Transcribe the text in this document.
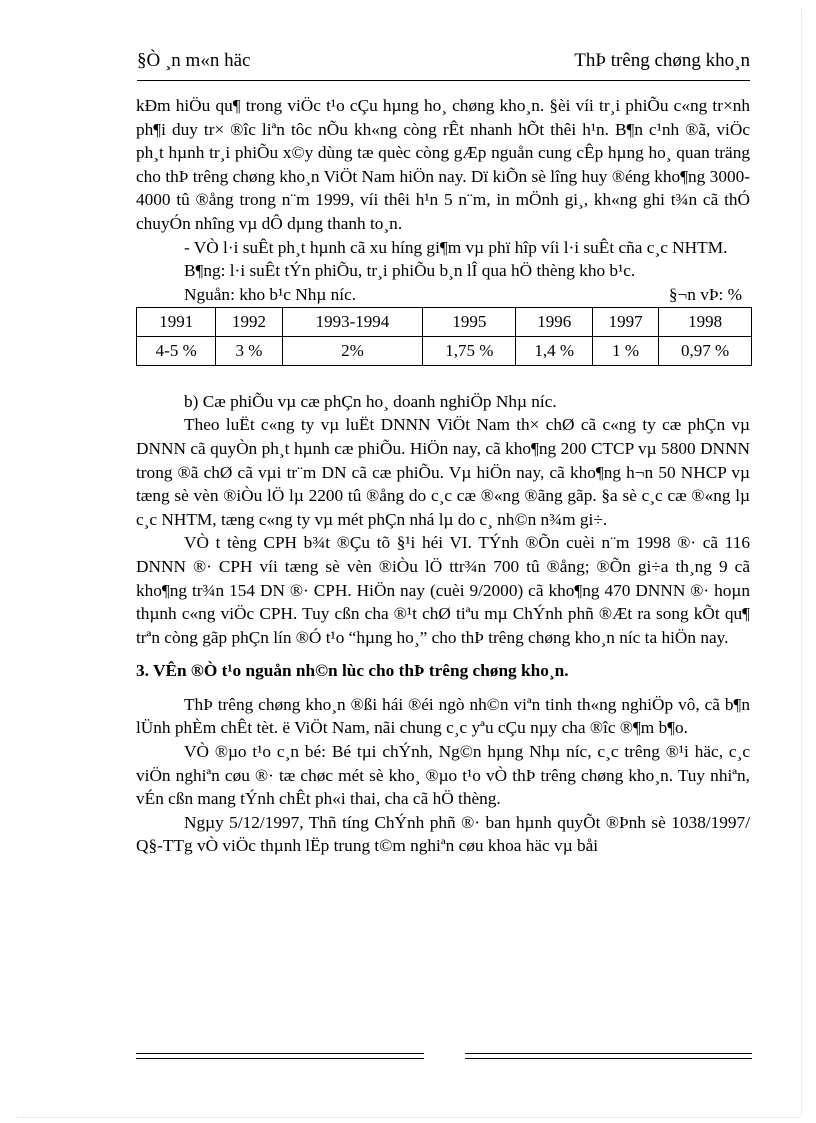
§Ò ¸n m«n häc	ThÞ trêng chøng kho¸n

kÐm hiÖu qu¶ trong viÖc t¹o cÇu hµng ho¸ chøng kho¸n. §èi víi tr¸i phiÕu c«ng tr×nh ph¶i duy tr× ®îc liªn tôc nÕu kh«ng còng rÊt nhanh hÕt thêi h¹n. B¶n c¹nh ®ã, viÖc ph¸t hµnh tr¸i phiÕu x©y dùng tæ quèc còng gÆp nguån cung cÊp hµng ho¸ quan träng cho thÞ trêng chøng kho¸n ViÖt Nam hiÖn nay. Dï kiÕn sè lîng huy ®éng kho¶ng 3000-4000 tû ®ång trong n¨m 1999, víi thêi h¹n 5 n¨m, in mÖnh gi¸, kh«ng ghi t¾n cã thÓ chuyÓn nhîng vµ dÔ dµng thanh to¸n.

- VÒ l·i suÊt ph¸t hµnh cã xu híng gi¶m vµ phï hîp víi l·i suÊt cña c¸c NHTM.

B¶ng: l·i suÊt tÝn phiÕu, tr¸i phiÕu b¸n lÎ qua hÖ thèng kho b¹c.

Nguån: kho b¹c Nhµ níc.	§¬n vÞ: %
1991	1992	1993-1994	1995	1996	1997	1998
4-5 %	3 %	2%	1,75 %	1,4 %	1 %	0,97 %

b) Cæ phiÕu vµ cæ phÇn ho¸ doanh nghiÖp Nhµ níc.

Theo luËt c«ng ty vµ luËt DNNN ViÖt Nam th× chØ cã c«ng ty cæ phÇn vµ DNNN cã quyÒn ph¸t hµnh cæ phiÕu. HiÖn nay, cã kho¶ng 200 CTCP vµ 5800 DNNN trong ®ã chØ cã vµi tr¨m DN cã cæ phiÕu. Vµ hiÖn nay, cã kho¶ng h¬n 50 NHCP vµ tæng sè vèn ®iÒu lÖ lµ 2200 tû ®ång do c¸c cæ ®«ng ®ãng gãp. §a sè c¸c cæ ®«ng lµ c¸c NHTM, tæng c«ng ty vµ mét phÇn nhá lµ do c¸ nh©n n¾m gi÷.

VÒ t tèng CPH b¾t ®Çu tõ §¹i héi VI. TÝnh ®Õn cuèi n¨m 1998 ®· cã 116 DNNN ®· CPH víi tæng sè vèn ®iÒu lÖ ttr¾n 700 tû ®ång; ®Õn gi÷a th¸ng 9 cã kho¶ng tr¾n 154 DN ®· CPH. HiÖn nay (cuèi 9/2000) cã kho¶ng 470 DNNN ®· hoµn thµnh c«ng viÖc CPH. Tuy cßn cha ®¹t chØ tiªu mµ ChÝnh phñ ®Æt ra song kÕt qu¶ trªn còng gãp phÇn lín ®Ó t¹o “hµng ho¸” cho thÞ trêng chøng kho¸n níc ta hiÖn nay.

3. VÊn ®Ò t¹o nguån nh©n lùc cho thÞ trêng chøng kho¸n.

ThÞ trêng chøng kho¸n ®ßi hái ®éi ngò nh©n viªn tinh th«ng nghiÖp vô, cã b¶n lÜnh phÈm chÊt tèt. ë ViÖt Nam, nãi chung c¸c yªu cÇu nµy cha ®îc ®¶m b¶o.

VÒ ®µo t¹o c¸n bé: Bé tµi chÝnh, Ng©n hµng Nhµ níc, c¸c trêng ®¹i häc, c¸c viÖn nghiªn cøu ®· tæ chøc mét sè kho¸ ®µo t¹o vÒ thÞ trêng chøng kho¸n. Tuy nhiªn, vÉn cßn mang tÝnh chÊt ph«i thai, cha cã hÖ thèng.

Ngµy 5/12/1997, Thñ tíng ChÝnh phñ ®· ban hµnh quyÕt ®Þnh sè 1038/1997/ Q§-TTg vÒ viÖc thµnh lËp trung t©m nghiªn cøu khoa häc vµ båi
